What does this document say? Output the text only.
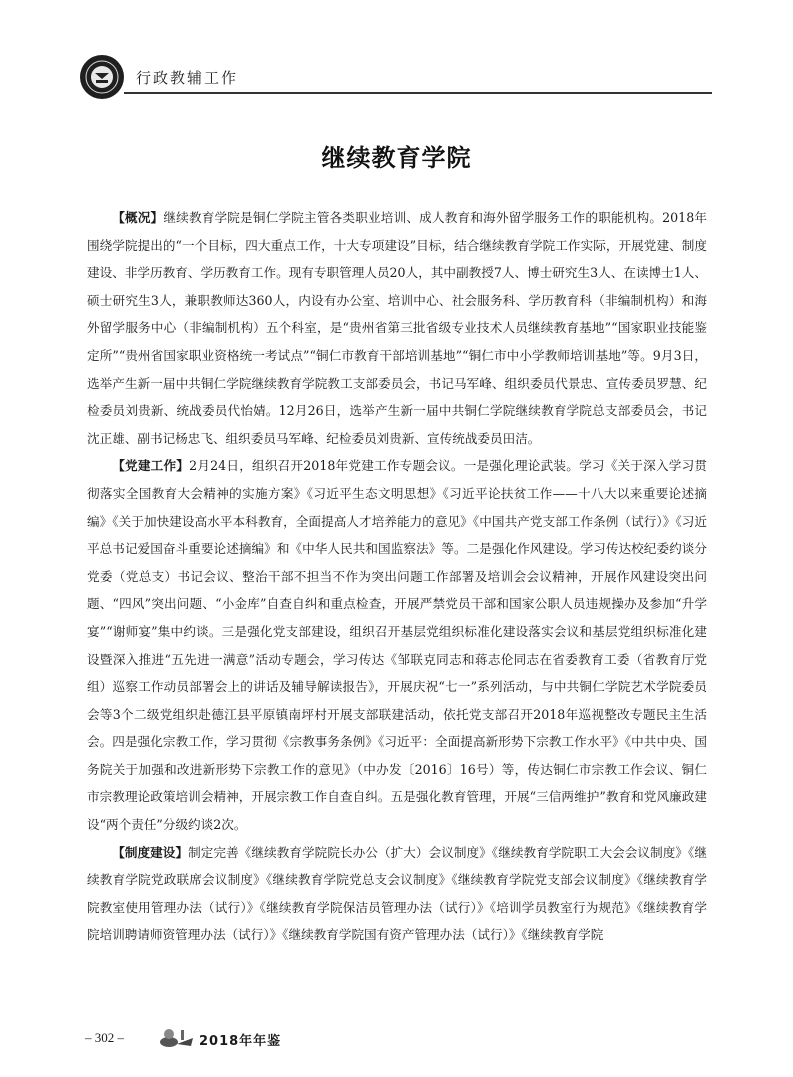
行政教辅工作
继续教育学院

【概况】继续教育学院是铜仁学院主管各类职业培训、成人教育和海外留学服务工作的职能机构。2018年围绕学院提出的“一个目标，四大重点工作，十大专项建设”目标，结合继续教育学院工作实际，开展党建、制度建设、非学历教育、学历教育工作。现有专职管理人员20人，其中副教授7人、博士研究生3人、在读博士1人、硕士研究生3人，兼职教师达360人，内设有办公室、培训中心、社会服务科、学历教育科（非编制机构）和海外留学服务中心（非编制机构）五个科室，是“贵州省第三批省级专业技术人员继续教育基地”“国家职业技能鉴定所”“贵州省国家职业资格统一考试点”“铜仁市教育干部培训基地”“铜仁市中小学教师培训基地”等。9月3日，选举产生新一届中共铜仁学院继续教育学院教工支部委员会，书记马军峰、组织委员代景忠、宣传委员罗慧、纪检委员刘贵新、统战委员代怡婧。12月26日，选举产生新一届中共铜仁学院继续教育学院总支部委员会，书记沈正雄、副书记杨忠飞、组织委员马军峰、纪检委员刘贵新、宣传统战委员田洁。

【党建工作】2月24日，组织召开2018年党建工作专题会议。一是强化理论武装。学习《关于深入学习贯彻落实全国教育大会精神的实施方案》《习近平生态文明思想》《习近平论扶贫工作——十八大以来重要论述摘编》《关于加快建设高水平本科教育，全面提高人才培养能力的意见》《中国共产党支部工作条例（试行）》《习近平总书记爱国奋斗重要论述摘编》和《中华人民共和国监察法》等。二是强化作风建设。学习传达校纪委约谈分党委（党总支）书记会议、整治干部不担当不作为突出问题工作部署及培训会会议精神，开展作风建设突出问题、“四风”突出问题、“小金库”自查自纠和重点检查，开展严禁党员干部和国家公职人员违规操办及参加“升学宴”“谢师宴”集中约谈。三是强化党支部建设，组织召开基层党组织标准化建设落实会议和基层党组织标准化建设暨深入推进“五先进一满意”活动专题会，学习传达《邹联克同志和蒋志伦同志在省委教育工委（省教育厅党组）巡察工作动员部署会上的讲话及辅导解读报告》，开展庆祝“七一”系列活动，与中共铜仁学院艺术学院委员会等3个二级党组织赴德江县平原镇南坪村开展支部联建活动，依托党支部召开2018年巡视整改专题民主生活会。四是强化宗教工作，学习贯彻《宗教事务条例》《习近平：全面提高新形势下宗教工作水平》《中共中央、国务院关于加强和改进新形势下宗教工作的意见》（中办发〔2016〕16号）等，传达铜仁市宗教工作会议、铜仁市宗教理论政策培训会精神，开展宗教工作自查自纠。五是强化教育管理，开展“三信两维护”教育和党风廉政建设“两个责任”分级约谈2次。

【制度建设】制定完善《继续教育学院院长办公（扩大）会议制度》《继续教育学院职工大会会议制度》《继续教育学院党政联席会议制度》《继续教育学院党总支会议制度》《继续教育学院党支部会议制度》《继续教育学院教室使用管理办法（试行）》《继续教育学院保洁员管理办法（试行）》《培训学员教室行为规范》《继续教育学院培训聘请师资管理办法（试行）》《继续教育学院国有资产管理办法（试行）》《继续教育学院

– 302 –	2018年年鉴
